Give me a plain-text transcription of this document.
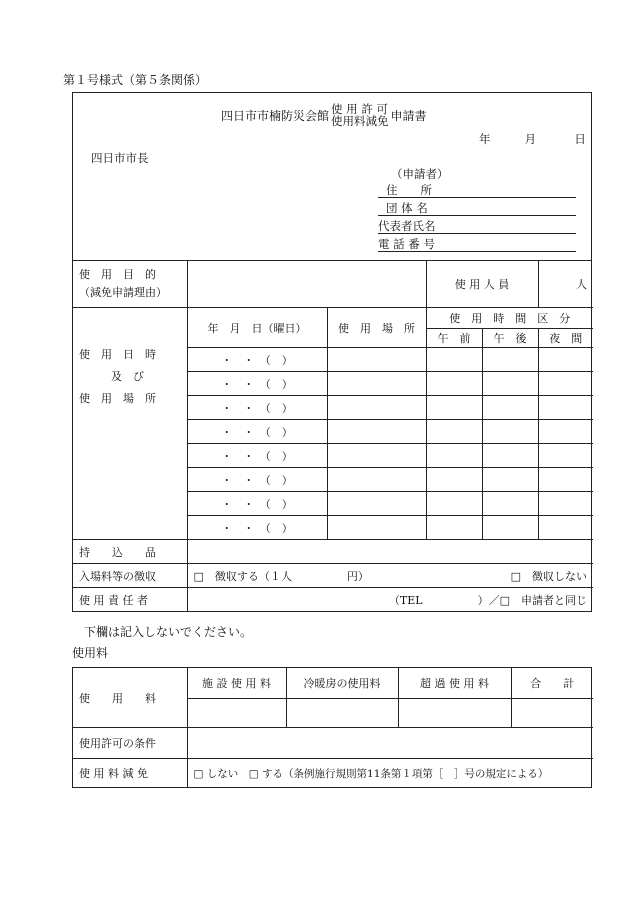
第１号様式（第５条関係）
四日市市楠防災会館 使 用 許 可
使用料減免 申請書
年	月	日
四日市市長
（申請者）
住　　所
団 体 名
代表者氏名
電 話 番 号
使　用　目　的
（減免申請理由）			使 用 人 員		人

使　用　日　時
及　び
使　用　場　所	年　月　日（曜日）	使　用　場　所	使　用　時　間　区　分		
			午　前	午　後	夜　間
	・　・　（　）				
	・　・　（　）				
	・　・　（　）				
	・　・　（　）				
	・　・　（　）				
	・　・　（　）				
	・　・　（　）				
	・　・　（　）				
持　　込　　品					
入場料等の徴収	□　徴収する（１人　　　　　円） □　徴収しない				

使 用 責 任 者	（TEL　　　　　）／□　申請者と同じ				
下欄は記入しないでください。
使用料
使　　用　　料	施 設 使 用 料	冷暖房の使用料	超 過 使 用 料	合　　計

使用許可の条件				
使 用 料 減 免	□ しない　□ する（条例施行規則第11条第１項第［　］号の規定による）			
